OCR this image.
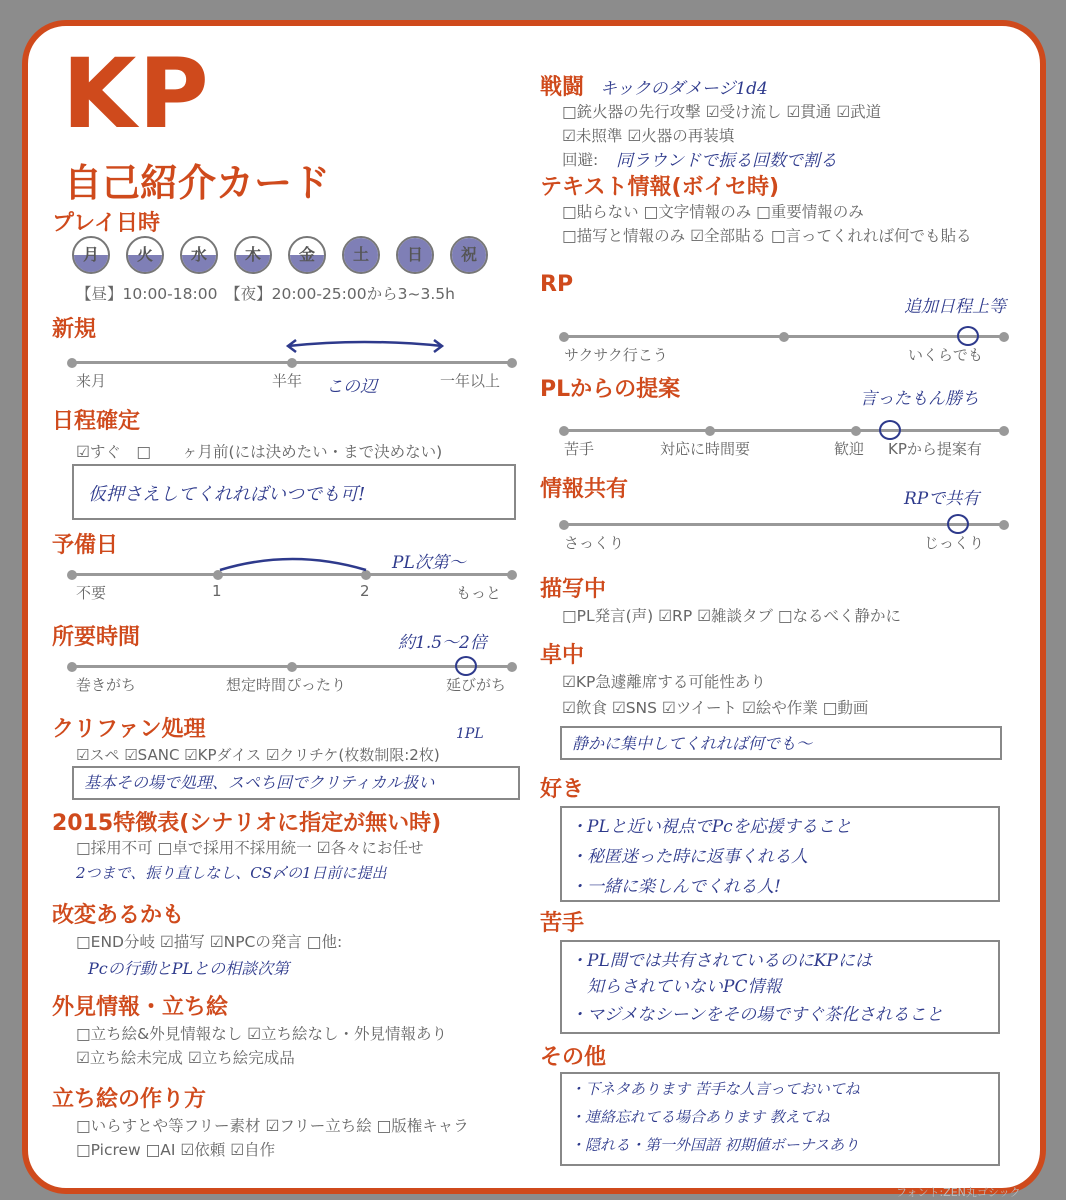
KP
自己紹介カード
プレイ日時
月	火	水	木	金	土	日	祝
【昼】10:00-18:00　【夜】20:00-25:00から3~3.5h
新規
来月	半年	一年以上
この辺
日程確定
☑すぐ　□　　ヶ月前(には決めたい・まで決めない)
仮押さえしてくれればいつでも可!
予備日
不要	1	2	もっと
PL次第〜
所要時間
巻きがち	想定時間ぴったり	延びがち
約1.5〜2倍
クリファン処理	1PL
☑スペ ☑SANC ☑KPダイス ☑クリチケ(枚数制限:2枚)
基本その場で処理、スペち回でクリティカル扱い
2015特徴表(シナリオに指定が無い時)
□採用不可 □卓で採用不採用統一 ☑各々にお任せ
2つまで、振り直しなし、CS〆の1日前に提出
改変あるかも
□END分岐 ☑描写 ☑NPCの発言 □他:
Pcの行動とPLとの相談次第
外見情報・立ち絵
□立ち絵&外見情報なし ☑立ち絵なし・外見情報あり
☑立ち絵未完成 ☑立ち絵完成品
立ち絵の作り方
□いらすとや等フリー素材 ☑フリー立ち絵 □版権キャラ
□Picrew □AI ☑依頼 ☑自作
戦闘 キックのダメージ1d4
□銃火器の先行攻撃 ☑受け流し ☑貫通 ☑武道
☑未照準 ☑火器の再装填
回避: 同ラウンドで振る回数で割る
テキスト情報(ボイセ時)
□貼らない □文字情報のみ □重要情報のみ
□描写と情報のみ ☑全部貼る □言ってくれれば何でも貼る
RP
サクサク行こう	いくらでも
追加日程上等
PLからの提案
苦手	対応に時間要	歓迎 KPから提案有
言ったもん勝ち
情報共有
さっくり	じっくり
RPで共有
描写中
□PL発言(声) ☑RP ☑雑談タブ □なるべく静かに
卓中
☑KP急遽離席する可能性あり
☑飲食 ☑SNS ☑ツイート ☑絵や作業 □動画
静かに集中してくれれば何でも〜
好き
・PLと近い視点でPcを応援すること
・秘匿迷った時に返事くれる人
・一緒に楽しんでくれる人!
苦手
・PL間では共有されているのにKPには
　知らされていないPC情報
・マジメなシーンをその場ですぐ茶化されること
その他
・下ネタあります 苦手な人言っておいてね
・連絡忘れてる場合あります 教えてね
・隠れる・第一外国語 初期値ボーナスあり
フォント:ZEN丸ゴシック
